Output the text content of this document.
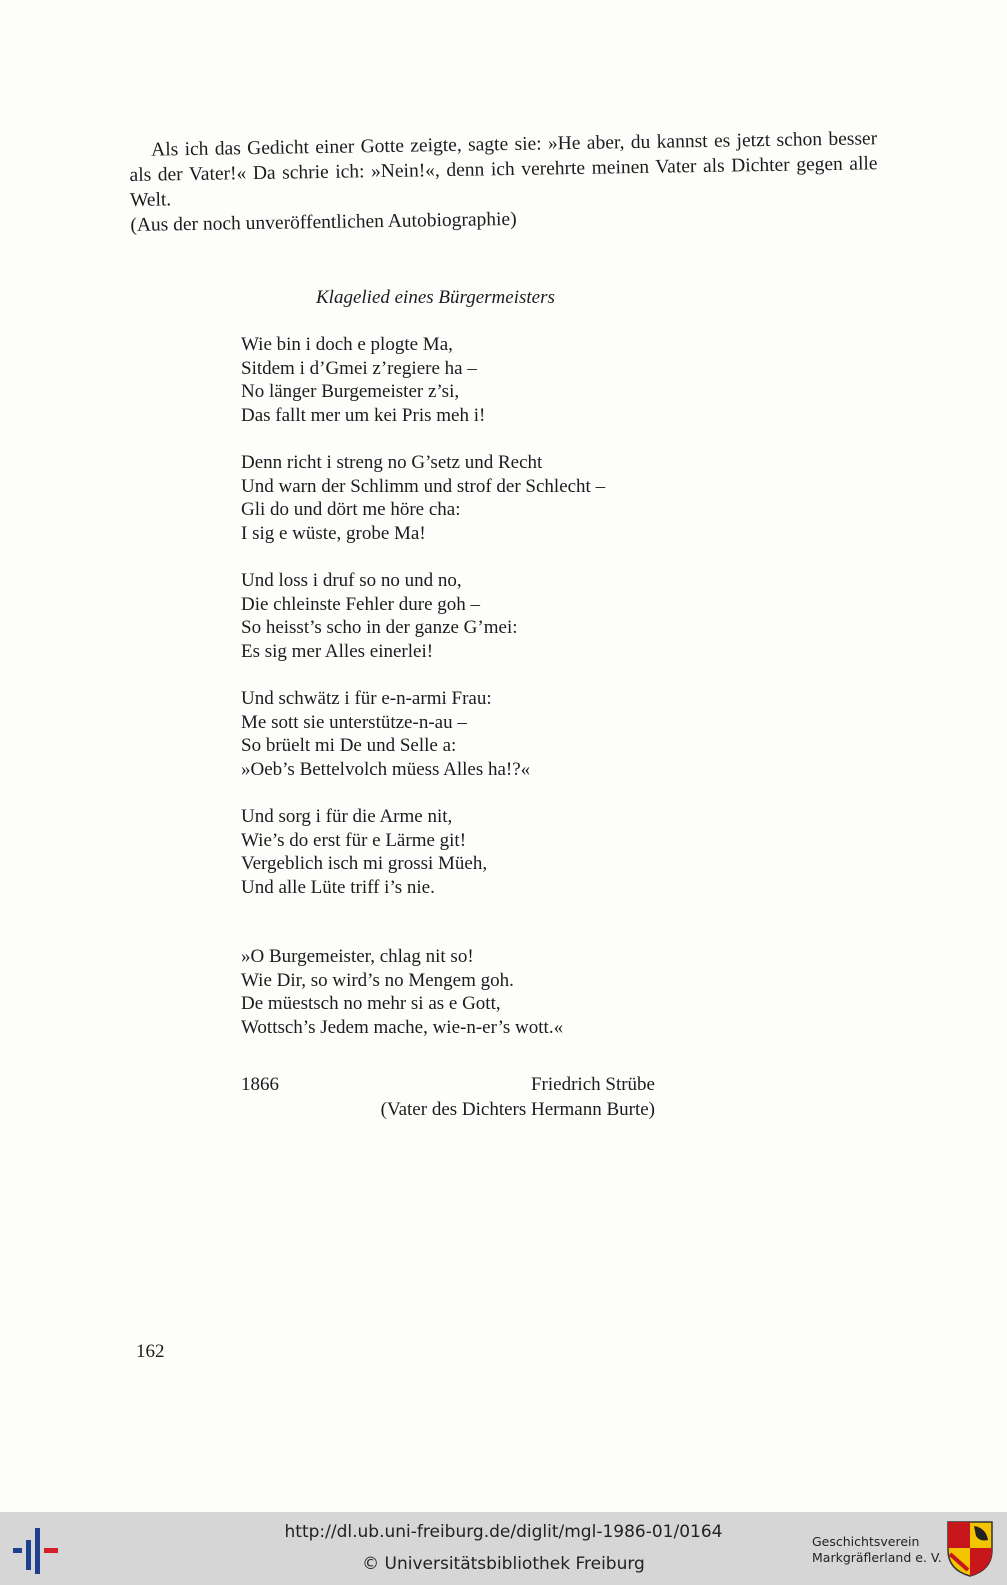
Als ich das Gedicht einer Gotte zeigte, sagte sie: »He aber, du kannst es jetzt schon besser als der Vater!« Da schrie ich: »Nein!«, denn ich verehrte meinen Vater als Dichter gegen alle Welt.

(Aus der noch unveröffentlichen Autobiographie)

Klagelied eines Bürgermeisters
Wie bin i doch e plogte Ma,
Sitdem i d’Gmei z’regiere ha –
No länger Burgemeister z’si,
Das fallt mer um kei Pris meh i!
Denn richt i streng no G’setz und Recht
Und warn der Schlimm und strof der Schlecht –
Gli do und dört me höre cha:
I sig e wüste, grobe Ma!
Und loss i druf so no und no,
Die chleinste Fehler dure goh –
So heisst’s scho in der ganze G’mei:
Es sig mer Alles einerlei!
Und schwätz i für e-n-armi Frau:
Me sott sie unterstütze-n-au –
So brüelt mi De und Selle a:
»Oeb’s Bettelvolch müess Alles ha!?«
Und sorg i für die Arme nit,
Wie’s do erst für e Lärme git!
Vergeblich isch mi grossi Müeh,
Und alle Lüte triff i’s nie.
»O Burgemeister, chlag nit so!
Wie Dir, so wird’s no Mengem goh.
De müestsch no mehr si as e Gott,
Wottsch’s Jedem mache, wie-n-er’s wott.«
1866	Friedrich Strübe
(Vater des Dichters Hermann Burte)
162
http://dl.ub.uni-freiburg.de/diglit/mgl-1986-01/0164
© Universitätsbibliothek Freiburg
Geschichtsverein
Markgräflerland e. V.
